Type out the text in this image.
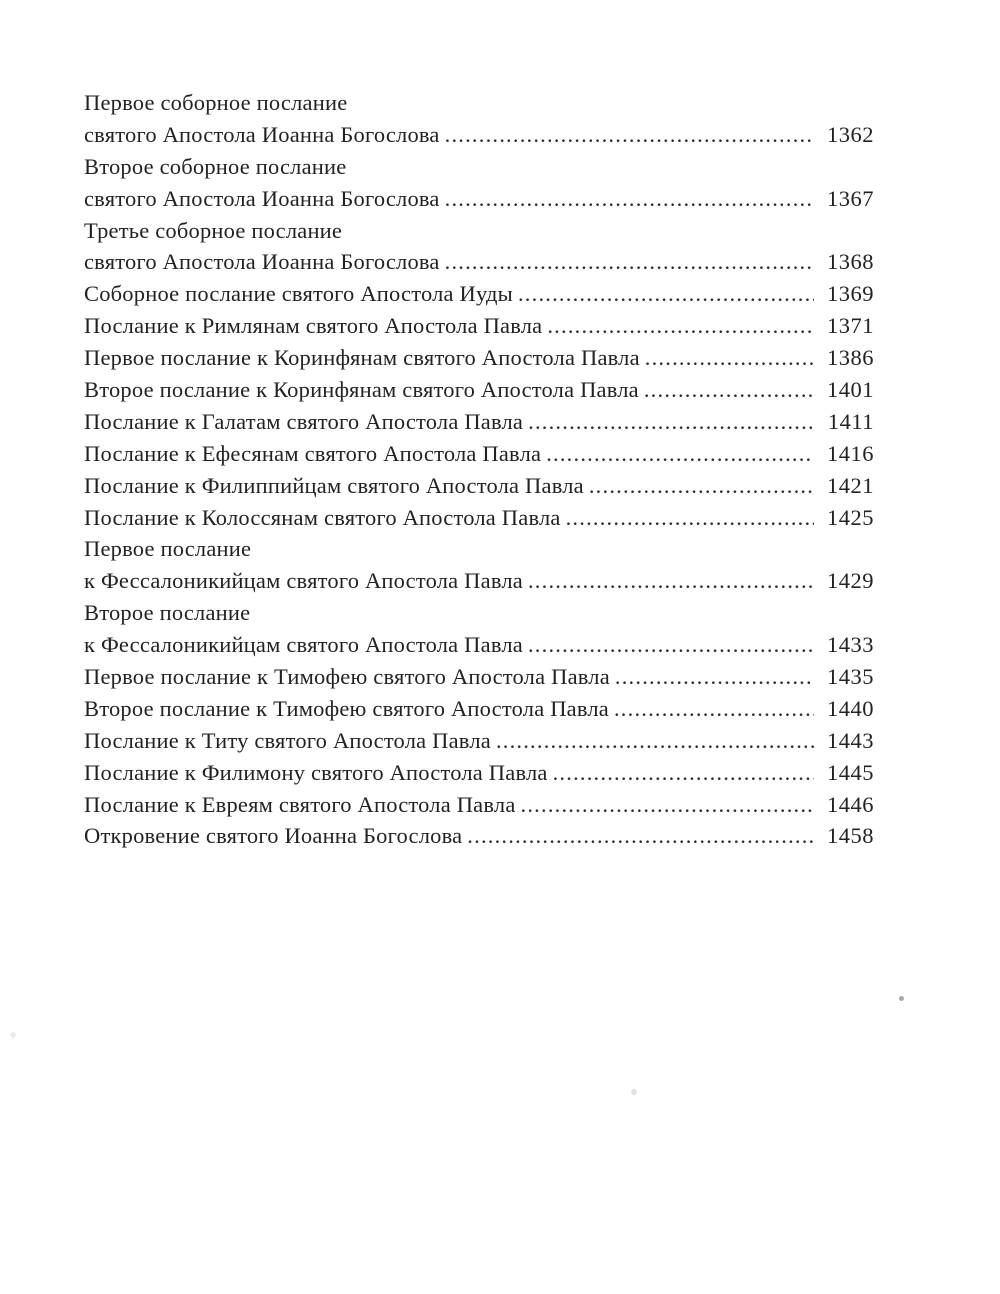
Первое соборное послание
святого Апостола Иоанна Богослова .....	1362
Второе соборное послание
святого Апостола Иоанна Богослова .....	1367
Третье соборное послание
святого Апостола Иоанна Богослова .....	1368
Соборное послание святого Апостола Иуды .....	1369
Послание к Римлянам святого Апостола Павла .....	1371
Первое послание к Коринфянам святого Апостола Павла .....	1386
Второе послание к Коринфянам святого Апостола Павла .....	1401
Послание к Галатам святого Апостола Павла .....	1411
Послание к Ефесянам святого Апостола Павла .....	1416
Послание к Филиппийцам святого Апостола Павла .....	1421
Послание к Колоссянам святого Апостола Павла .....	1425
Первое послание
к Фессалоникийцам святого Апостола Павла .....	1429
Второе послание
к Фессалоникийцам святого Апостола Павла .....	1433
Первое послание к Тимофею святого Апостола Павла .....	1435
Второе послание к Тимофею святого Апостола Павла .....	1440
Послание к Титу святого Апостола Павла .....	1443
Послание к Филимону святого Апостола Павла .....	1445
Послание к Евреям святого Апостола Павла .....	1446
Откровение святого Иоанна Богослова .....	1458
